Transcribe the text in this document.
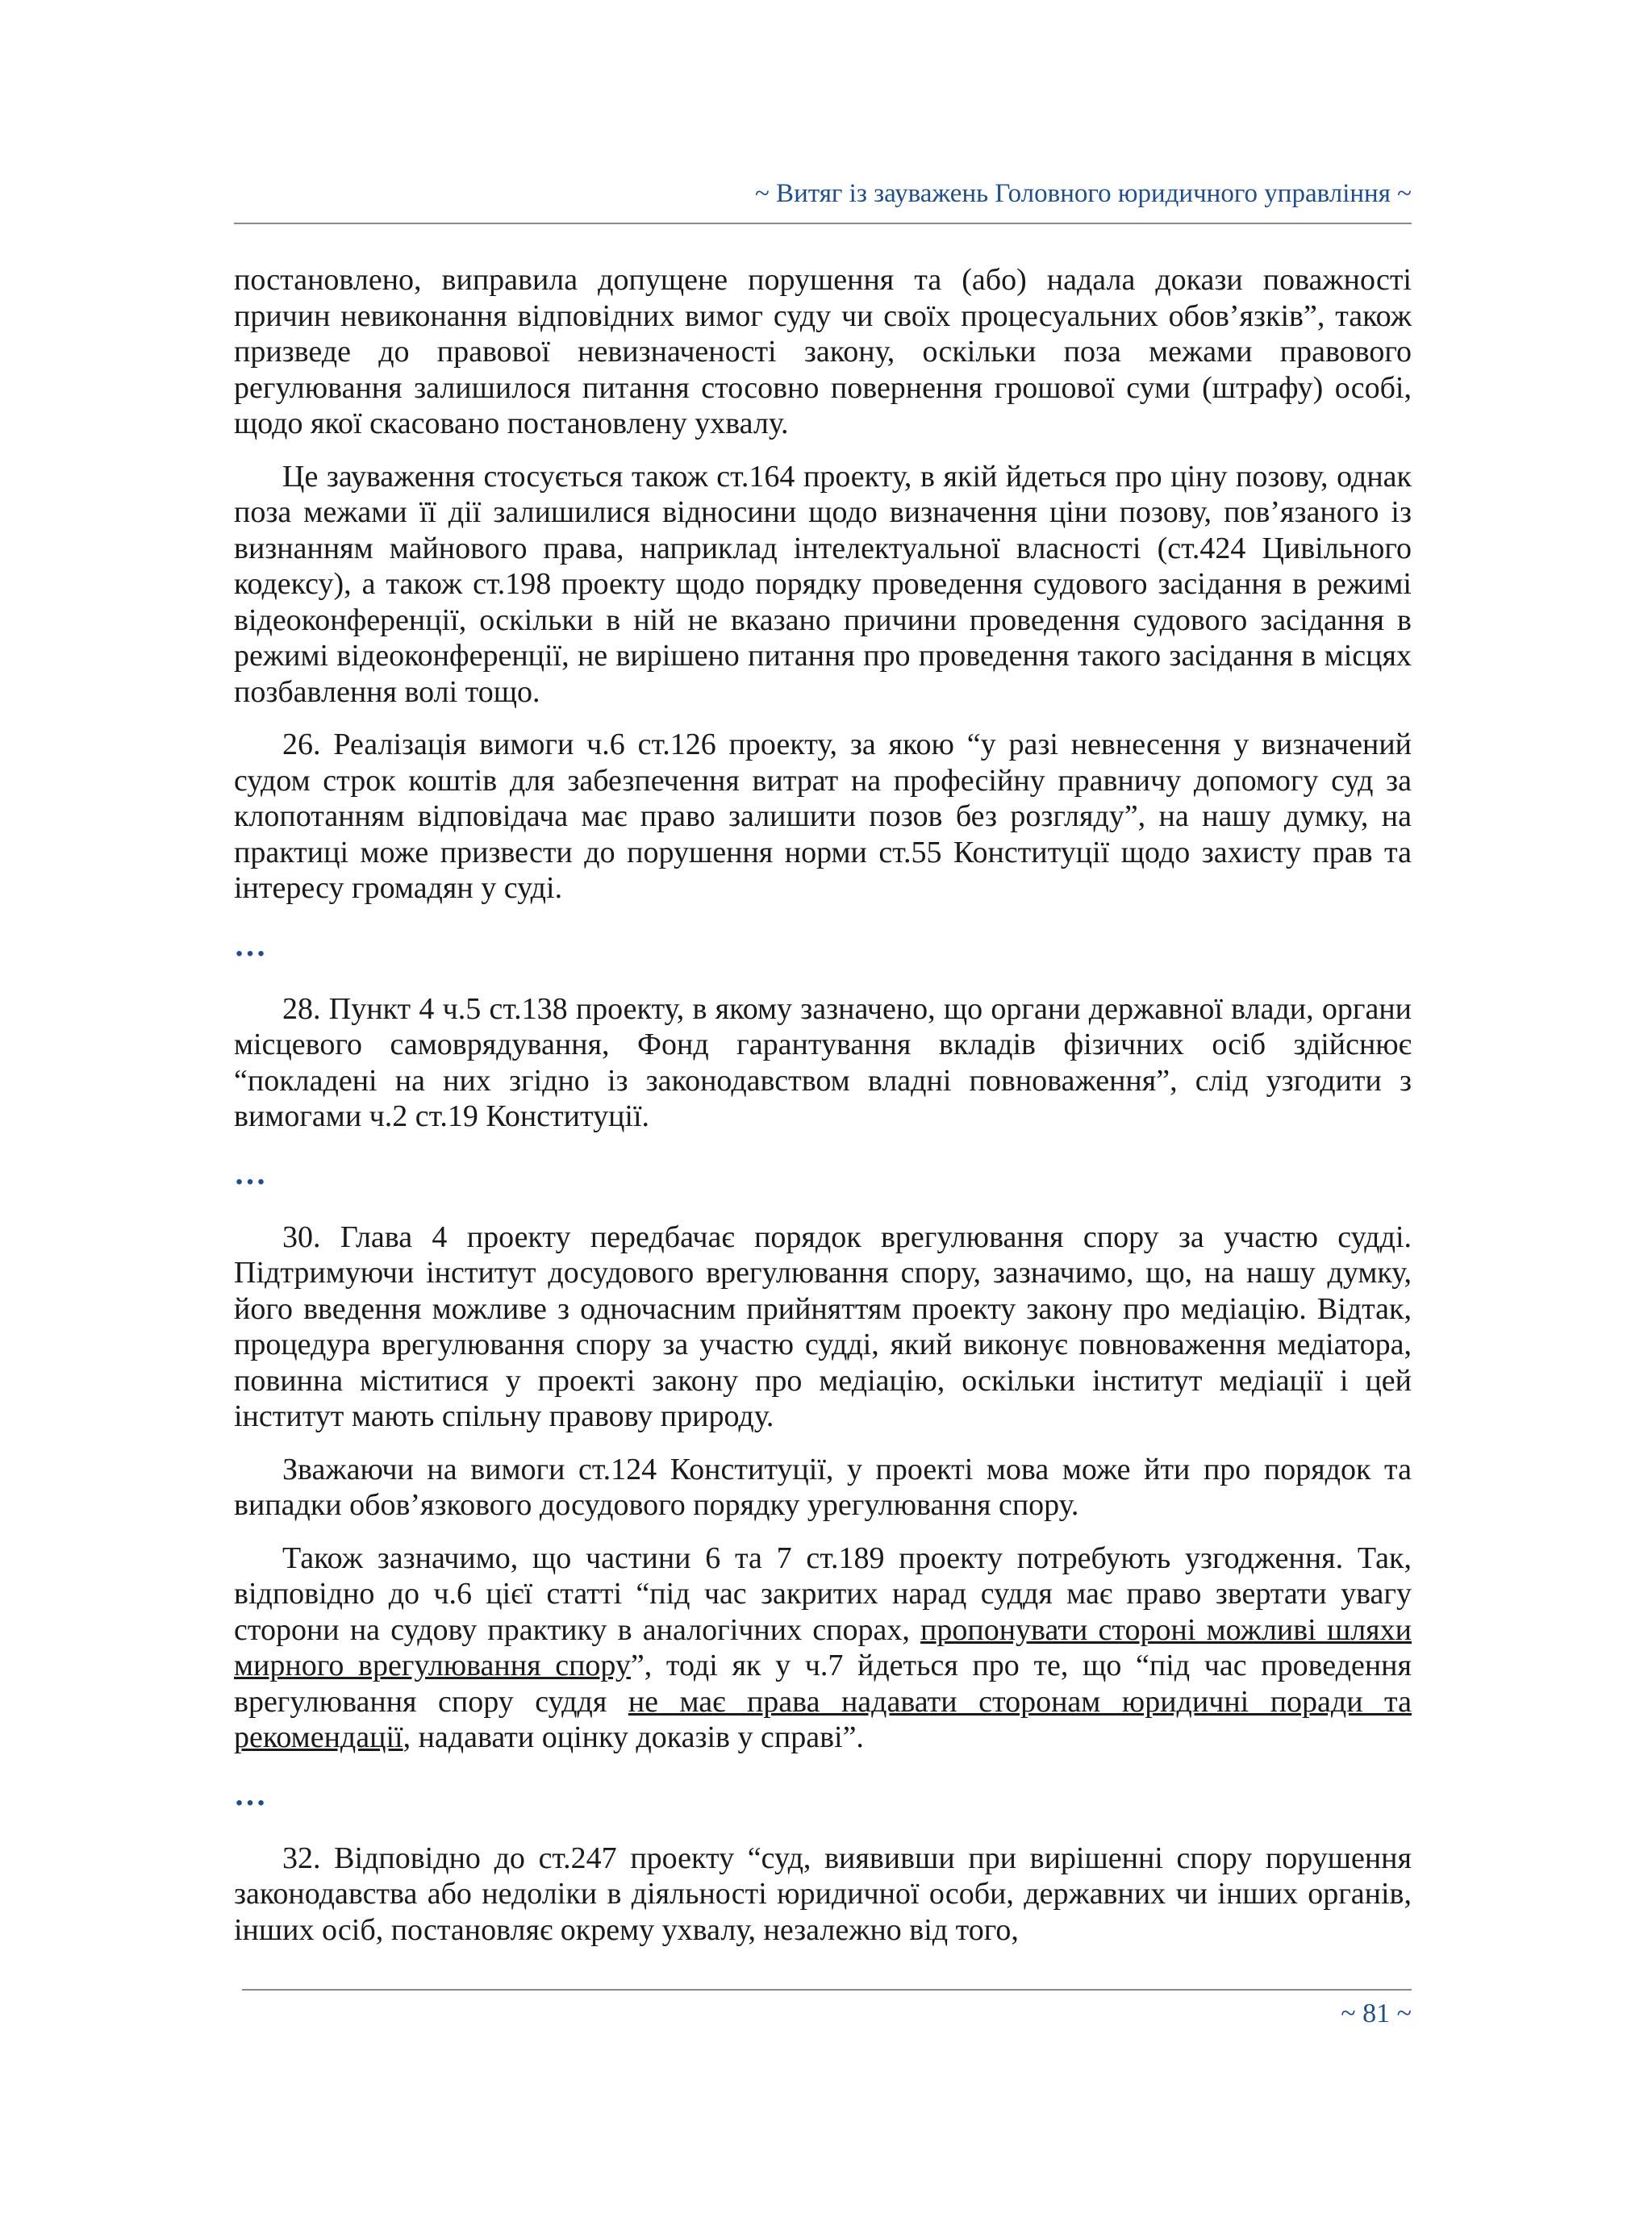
~ Витяг із зауважень Головного юридичного управління ~

постановлено, виправила допущене порушення та (або) надала докази поважності причин невиконання відповідних вимог суду чи своїх процесуальних обов’язків”, також призведе до правової невизначеності закону, оскільки поза межами правового регулювання залишилося питання стосовно повернення грошової суми (штрафу) особі, щодо якої скасовано постановлену ухвалу.

Це зауваження стосується також ст.164 проекту, в якій йдеться про ціну позову, однак поза межами її дії залишилися відносини щодо визначення ціни позову, пов’язаного із визнанням майнового права, наприклад інтелектуальної власності (ст.424 Цивільного кодексу), а також ст.198 проекту щодо порядку проведення судового засідання в режимі відеоконференції, оскільки в ній не вказано причини проведення судового засідання в режимі відеоконференції, не вирішено питання про проведення такого засідання в місцях позбавлення волі тощо.

26. Реалізація вимоги ч.6 ст.126 проекту, за якою “у разі невнесення у визначений судом строк коштів для забезпечення витрат на професійну правничу допомогу суд за клопотанням відповідача має право залишити позов без розгляду”, на нашу думку, на практиці може призвести до порушення норми ст.55 Конституції щодо захисту прав та інтересу громадян у суді.

…

28. Пункт 4 ч.5 ст.138 проекту, в якому зазначено, що органи державної влади, органи місцевого самоврядування, Фонд гарантування вкладів фізичних осіб здійснює “покладені на них згідно із законодавством владні повноваження”, слід узгодити з вимогами ч.2 ст.19 Конституції.

…

30. Глава 4 проекту передбачає порядок врегулювання спору за участю судді. Підтримуючи інститут досудового врегулювання спору, зазначимо, що, на нашу думку, його введення можливе з одночасним прийняттям проекту закону про медіацію. Відтак, процедура врегулювання спору за участю судді, який виконує повноваження медіатора, повинна міститися у проекті закону про медіацію, оскільки інститут медіації і цей інститут мають спільну правову природу.

Зважаючи на вимоги ст.124 Конституції, у проекті мова може йти про порядок та випадки обов’язкового досудового порядку урегулювання спору.

Також зазначимо, що частини 6 та 7 ст.189 проекту потребують узгодження. Так, відповідно до ч.6 цієї статті “під час закритих нарад суддя має право звертати увагу сторони на судову практику в аналогічних спорах, пропонувати стороні можливі шляхи мирного врегулювання спору”, тоді як у ч.7 йдеться про те, що “під час проведення врегулювання спору суддя не має права надавати сторонам юридичні поради та рекомендації, надавати оцінку доказів у справі”.

…

32. Відповідно до ст.247 проекту “суд, виявивши при вирішенні спору порушення законодавства або недоліки в діяльності юридичної особи, державних чи інших органів, інших осіб, постановляє окрему ухвалу, незалежно від того,

~ 81 ~
